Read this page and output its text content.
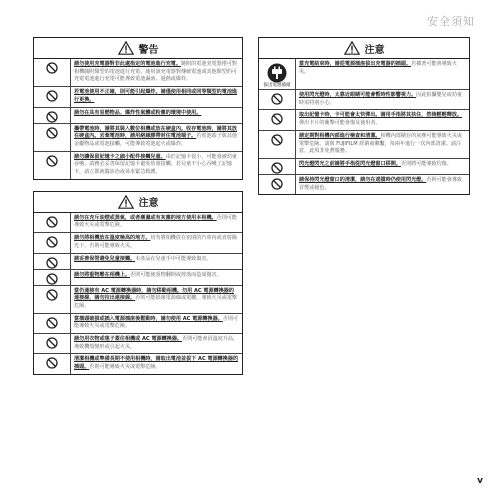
安全須知
警告
請勿使用充電器對非此處指定的電池進行充電。隨附的電池充電器僅可對相機隨附類型的電池進行充電。使用該充電器對傳統電池或其他類型的可充電電池進行充電可能導致電池漏液、過熱或爆炸。
若電池使用不正確，則可能引起爆炸。請僅使用相同或同等類型的電池進行更換。
請勿在具有易燃物品、爆炸性氣體或粉塵的環境中使用。
攜帶電池時，請將其裝入數位相機或放在硬盒內。收存電池時，請將其放在硬盒內。丟棄電池時，請用絕緣膠帶封住電池端子。若電池端子與其他金屬物品或電池接觸，可能導致電池起火或爆炸。
請勿讓保留記憶卡之細小配件接觸兒童。由於記憶卡很小，可能會被幼童吞嚥，請務必妥善保留記憶卡避免幼童接觸。若兒童不小心吞嚥了記憶卡，請立即就醫診治或尋求緊急救護。
注意
請勿在充斥油煙或蒸氣，或者潮濕或有灰塵的地方使用本相機。否則可能導致火災或電擊危險。
請勿將相機放在溫度極高的地方。切勿將相機放在密閉的汽車內或直射陽光下，否則可能導致火災。
請妥善保管避免兒童接觸。本產品在兒童手中可能導致傷害。
請勿將重物壓在相機上。否則可能使重物翻倒或摔落而造成傷害。
當仍連接有 AC 電源轉換器時，請勿移動相機。勿用 AC 電源轉換器的連接線，請勿拉出連接線。否則可能損壞電源線或電纜，導致火災或電擊危險。
當插頭破損或插入電源插座後鬆動時，請勿使用 AC 電源轉換器。否則可能導致火災或電擊危險。
請勿用衣物或毯子蓋住相機或 AC 電源轉換器。否則可能會因溫度升高，導致機殼變形或引起火災。
清潔相機或準備長期不使用相機時，請取出電池並拔下 AC 電源轉換器的插頭。否則可能導致火災或電擊危險。
注意
拔出電源插頭
當充電結束時，請從電源插座拔出充電器的插頭。若插著可能會導致火災。
使用閃光燈時，太靠近眼睛可能會暫時性影響視力。因此拍攝嬰兒或幼童時需特別小心。
取出記憶卡時，卡可能會太快彈出。請用手指將其扶住，然後輕輕釋放。彈出卡片的衝擊可能會傷及使用者。
請定期對相機內部進行檢查和清潔。相機內部積存的灰塵可能導致火災或電擊危險。請與 FUJIFILM 經銷商聯繫，每兩年進行一次內部清潔。請注意，此項非免費服務。
閃光燈閃光之前請將手指從閃光燈窗口移開。否則將可能導致灼傷。
請保持閃光燈窗口的清潔，請勿在遮擋時仍使用閃光燈。否則可能會導致冒煙或褪色。
v
